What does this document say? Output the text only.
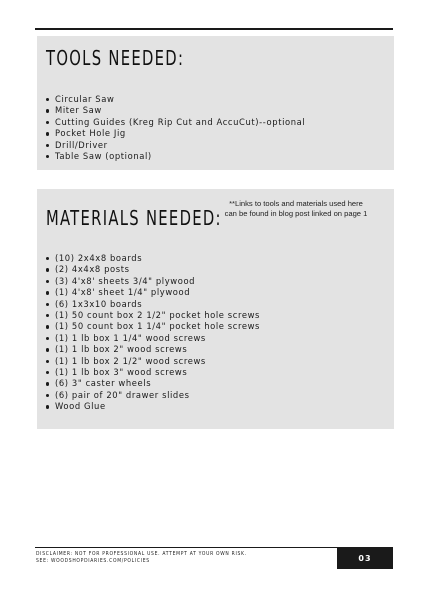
TOOLS NEEDED:
Circular Saw
Miter Saw
Cutting Guides (Kreg Rip Cut and AccuCut)--optional
Pocket Hole Jig
Drill/Driver
Table Saw (optional)
MATERIALS NEEDED:
**Links to tools and materials used here
can be found in blog post linked on page 1
(10) 2x4x8 boards
(2) 4x4x8 posts
(3) 4'x8' sheets 3/4" plywood
(1) 4'x8' sheet 1/4" plywood
(6) 1x3x10 boards
(1) 50 count box 2 1/2" pocket hole screws
(1) 50 count box 1 1/4" pocket hole screws
(1) 1 lb box 1 1/4" wood screws
(1) 1 lb box 2" wood screws
(1) 1 lb box 2 1/2" wood screws
(1) 1 lb box 3" wood screws
(6) 3" caster wheels
(6) pair of 20" drawer slides
Wood Glue
DISCLAIMER: NOT FOR PROFESSIONAL USE. ATTEMPT AT YOUR OWN RISK.
SEE: WOODSHOPDIARIES.COM/POLICIES	03
